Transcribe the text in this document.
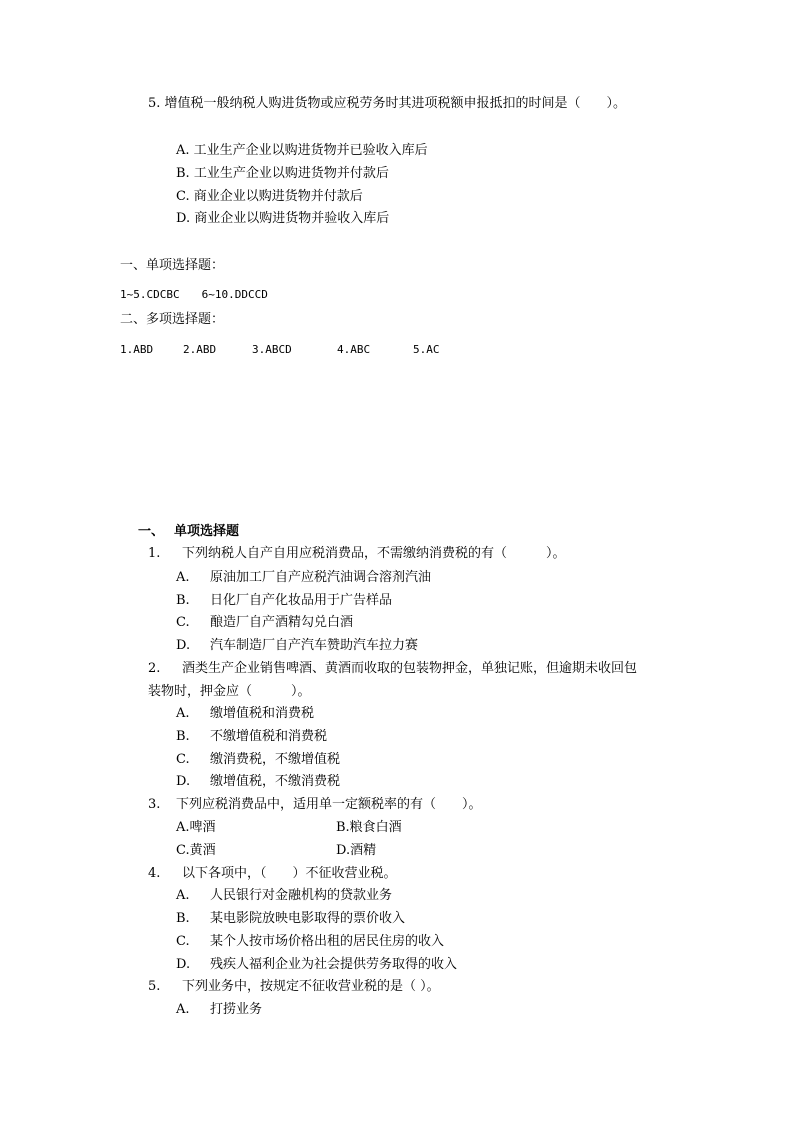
5. 增值税一般纳税人购进货物或应税劳务时其进项税额申报抵扣的时间是（　　）。
A. 工业生产企业以购进货物并已验收入库后
B. 工业生产企业以购进货物并付款后
C. 商业企业以购进货物并付款后
D. 商业企业以购进货物并验收入库后
一、单项选择题：
1~5.CDCBC　　6~10.DDCCD
二、多项选择题：
1.ABD	2.ABD	3.ABCD	4.ABC	5.AC
一、 单项选择题
1. 下列纳税人自产自用应税消费品，不需缴纳消费税的有（　　　）。
A. 原油加工厂自产应税汽油调合溶剂汽油
B. 日化厂自产化妆品用于广告样品
C. 酿造厂自产酒精勾兑白酒
D. 汽车制造厂自产汽车赞助汽车拉力赛
2. 酒类生产企业销售啤酒、黄酒而收取的包装物押金，单独记账，但逾期未收回包
装物时，押金应（　　　）。
A. 缴增值税和消费税
B. 不缴增值税和消费税
C. 缴消费税，不缴增值税
D. 缴增值税，不缴消费税
3. 下列应税消费品中，适用单一定额税率的有（　　）。
A.啤酒	B.粮食白酒
C.黄酒	D.酒精
4. 以下各项中，（　　）不征收营业税。
A. 人民银行对金融机构的贷款业务
B. 某电影院放映电影取得的票价收入
C. 某个人按市场价格出租的居民住房的收入
D. 残疾人福利企业为社会提供劳务取得的收入
5. 下列业务中，按规定不征收营业税的是（ ）。
A. 打捞业务
